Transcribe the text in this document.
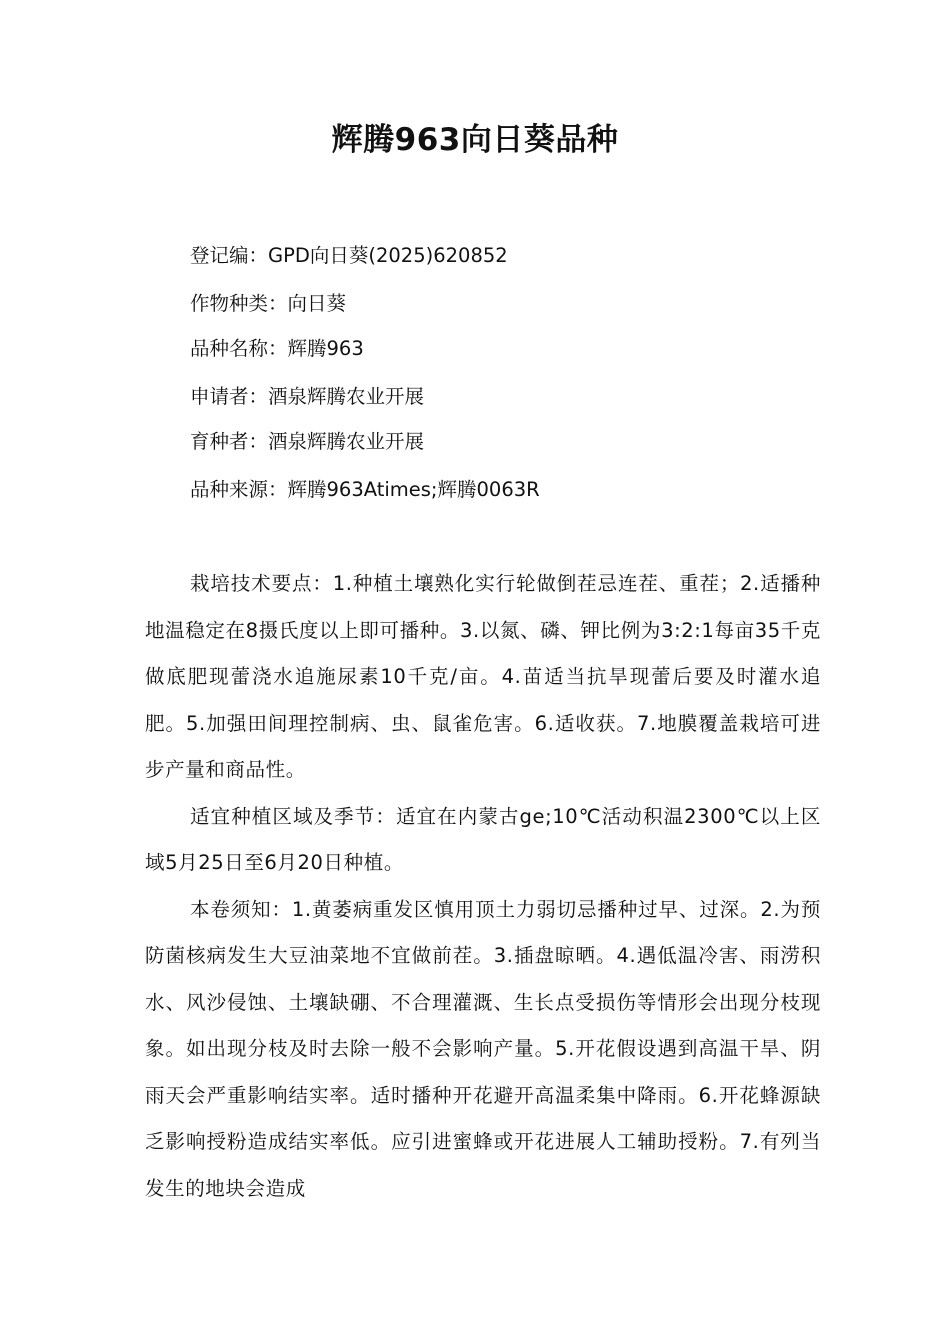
辉腾963向日葵品种
登记编：GPD向日葵(2025)620852
作物种类：向日葵
品种名称：辉腾963
申请者：酒泉辉腾农业开展
育种者：酒泉辉腾农业开展
品种来源：辉腾963Atimes;辉腾0063R

栽培技术要点：1.种植土壤熟化实行轮做倒茬忌连茬、重茬；2.适播种地温稳定在8摄氏度以上即可播种。3.以氮、磷、钾比例为3:2:1每亩35千克做底肥现蕾浇水追施尿素10千克/亩。4.苗适当抗旱现蕾后要及时灌水追肥。5.加强田间理控制病、虫、鼠雀危害。6.适收获。7.地膜覆盖栽培可进步产量和商品性。

适宜种植区域及季节：适宜在内蒙古ge;10℃活动积温2300℃以上区域5月25日至6月20日种植。

本卷须知：1.黄萎病重发区慎用顶土力弱切忌播种过早、过深。2.为预防菌核病发生大豆油菜地不宜做前茬。3.插盘晾晒。4.遇低温冷害、雨涝积水、风沙侵蚀、土壤缺硼、不合理灌溉、生长点受损伤等情形会出现分枝现象。如出现分枝及时去除一般不会影响产量。5.开花假设遇到高温干旱、阴雨天会严重影响结实率。适时播种开花避开高温柔集中降雨。6.开花蜂源缺乏影响授粉造成结实率低。应引进蜜蜂或开花进展人工辅助授粉。7.有列当发生的地块会造成
